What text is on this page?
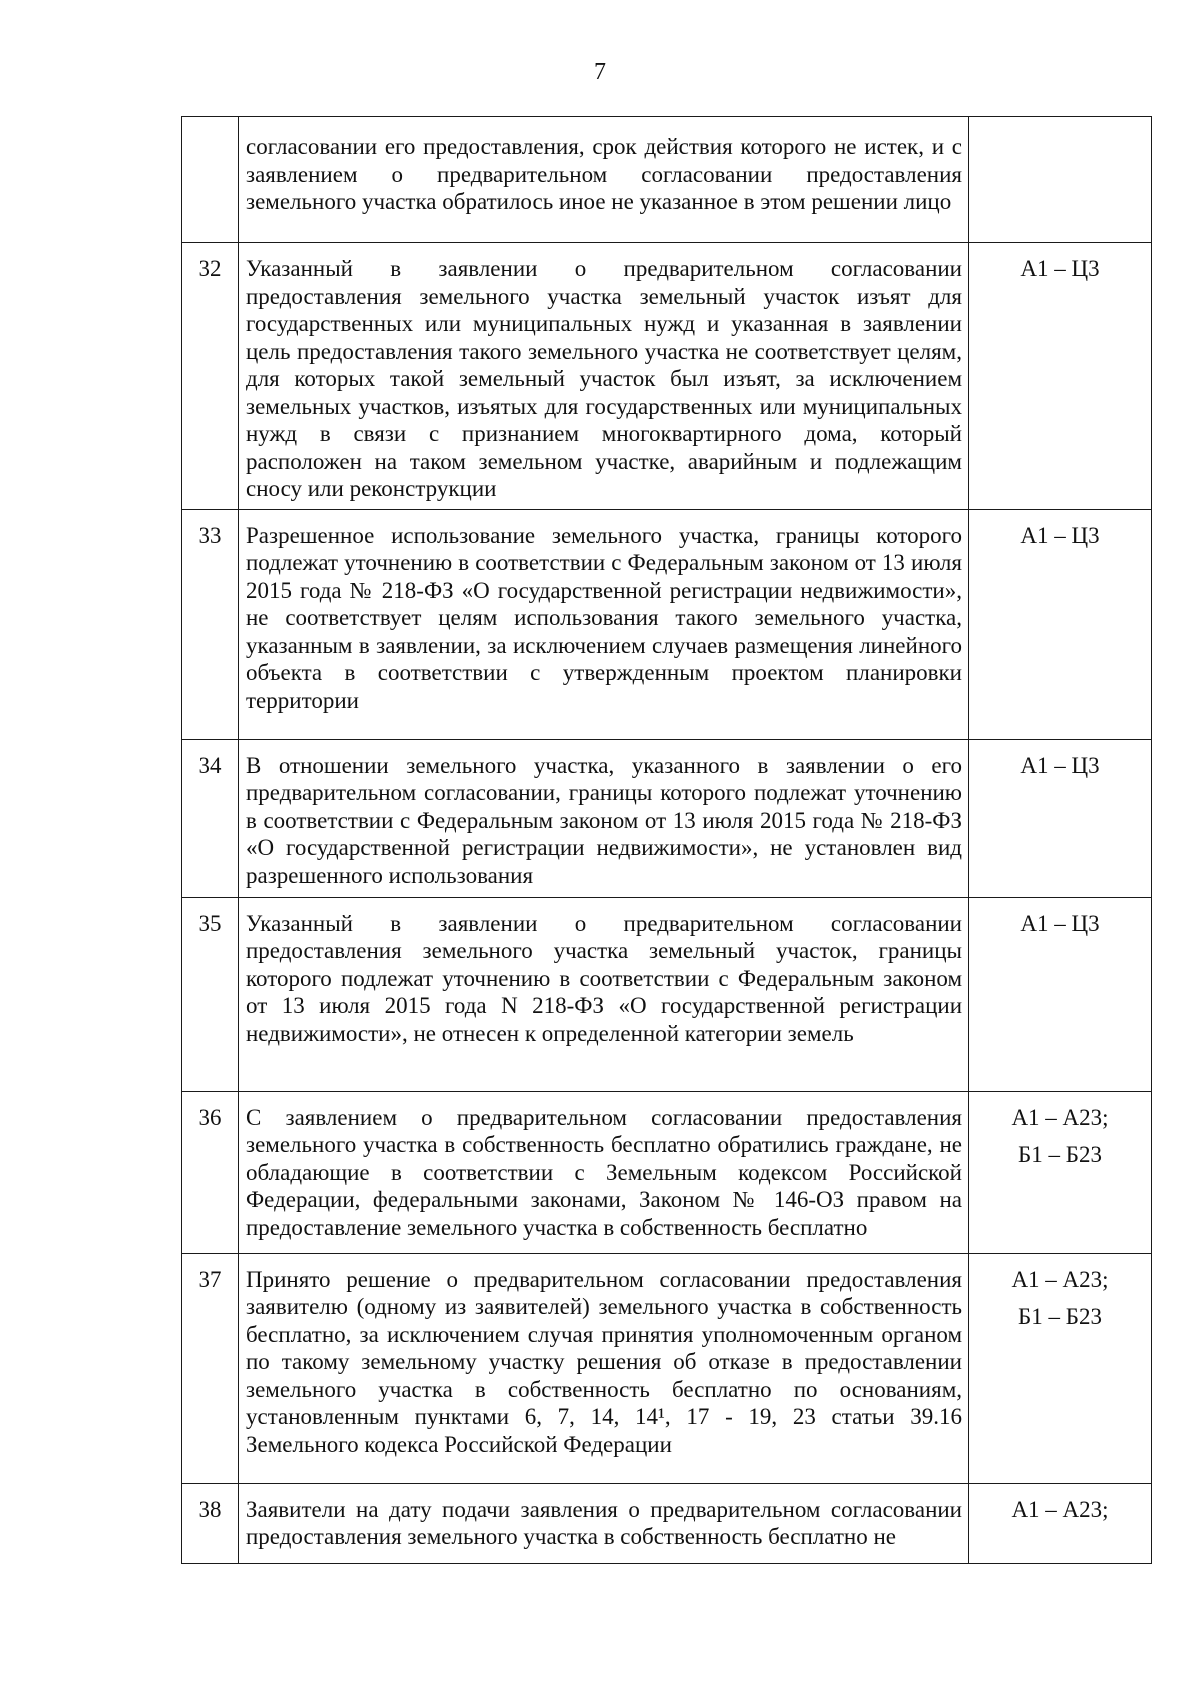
7
	согласовании его предоставления, срок действия которого не истек, и с заявлением о предварительном согласовании предоставления земельного участка обратилось иное не указанное в этом решении лицо	
32	Указанный в заявлении о предварительном согласовании предоставления земельного участка земельный участок изъят для государственных или муниципальных нужд и указанная в заявлении цель предоставления такого земельного участка не соответствует целям, для которых такой земельный участок был изъят, за исключением земельных участков, изъятых для государственных или муниципальных нужд в связи с признанием многоквартирного дома, который расположен на таком земельном участке, аварийным и подлежащим сносу или реконструкции	А1 – Ц3
33	Разрешенное использование земельного участка, границы которого подлежат уточнению в соответствии с Федеральным законом от 13 июля 2015 года № 218-ФЗ «О государственной регистрации недвижимости», не соответствует целям использования такого земельного участка, указанным в заявлении, за исключением случаев размещения линейного объекта в соответствии с утвержденным проектом планировки территории	А1 – Ц3
34	В отношении земельного участка, указанного в заявлении о его предварительном согласовании, границы которого подлежат уточнению в соответствии с Федеральным законом от 13 июля 2015 года № 218-ФЗ «О государственной регистрации недвижимости», не установлен вид разрешенного использования	А1 – Ц3
35	Указанный в заявлении о предварительном согласовании предоставления земельного участка земельный участок, границы которого подлежат уточнению в соответствии с Федеральным законом от 13 июля 2015 года N 218-ФЗ «О государственной регистрации недвижимости», не отнесен к определенной категории земель	А1 – Ц3
36	С заявлением о предварительном согласовании предоставления земельного участка в собственность бесплатно обратились граждане, не обладающие в соответствии с Земельным кодексом Российской Федерации, федеральными законами, Законом № 146-ОЗ правом на предоставление земельного участка в собственность бесплатно	А1 – А23;
Б1 – Б23

37	Принято решение о предварительном согласовании предоставления заявителю (одному из заявителей) земельного участка в собственность бесплатно, за исключением случая принятия уполномоченным органом по такому земельному участку решения об отказе в предоставлении земельного участка в собственность бесплатно по основаниям, установленным пунктами 6, 7, 14, 14¹, 17 - 19, 23 статьи 39.16 Земельного кодекса Российской Федерации	А1 – А23;
Б1 – Б23

38	Заявители на дату подачи заявления о предварительном согласовании предоставления земельного участка в собственность бесплатно не	А1 – А23;
